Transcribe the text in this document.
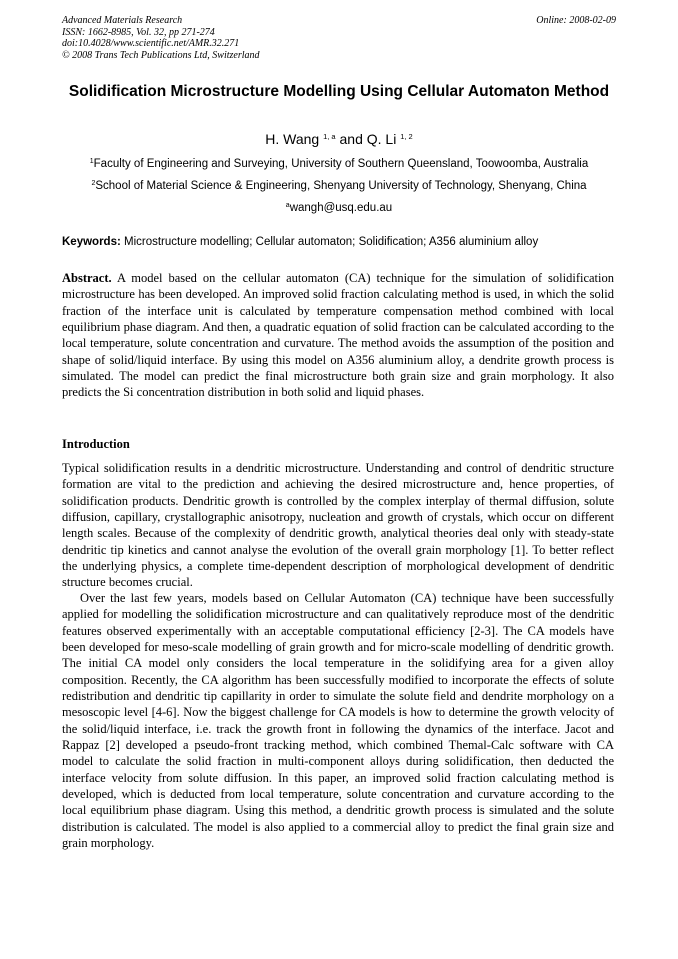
Advanced Materials Research
ISSN: 1662-8985, Vol. 32, pp 271-274
doi:10.4028/www.scientific.net/AMR.32.271
© 2008 Trans Tech Publications Ltd, Switzerland
Online: 2008-02-09
Solidification Microstructure Modelling Using Cellular Automaton Method
H. Wang $^{1, a}$ and Q. Li $^{1, 2}$
$^1$Faculty of Engineering and Surveying, University of Southern Queensland, Toowoomba, Australia
$^2$School of Material Science & Engineering, Shenyang University of Technology, Shenyang, China
$^a$wangh@usq.edu.au
Keywords: Microstructure modelling; Cellular automaton; Solidification; A356 aluminium alloy

Abstract. A model based on the cellular automaton (CA) technique for the simulation of solidification microstructure has been developed. An improved solid fraction calculating method is used, in which the solid fraction of the interface unit is calculated by temperature compensation method combined with local equilibrium phase diagram. And then, a quadratic equation of solid fraction can be calculated according to the local temperature, solute concentration and curvature. The method avoids the assumption of the position and shape of solid/liquid interface. By using this model on A356 aluminium alloy, a dendrite growth process is simulated. The model can predict the final microstructure both grain size and grain morphology. It also predicts the Si concentration distribution in both solid and liquid phases.

Introduction

Typical solidification results in a dendritic microstructure. Understanding and control of dendritic structure formation are vital to the prediction and achieving the desired microstructure and, hence properties, of solidification products. Dendritic growth is controlled by the complex interplay of thermal diffusion, solute diffusion, capillary, crystallographic anisotropy, nucleation and growth of crystals, which occur on different length scales. Because of the complexity of dendritic growth, analytical theories deal only with steady-state dendritic tip kinetics and cannot analyse the evolution of the overall grain morphology [1]. To better reflect the underlying physics, a complete time-dependent description of morphological development of dendritic structure becomes crucial.

Over the last few years, models based on Cellular Automaton (CA) technique have been successfully applied for modelling the solidification microstructure and can qualitatively reproduce most of the dendritic features observed experimentally with an acceptable computational efficiency [2-3]. The CA models have been developed for meso-scale modelling of grain growth and for micro-scale modelling of dendritic growth. The initial CA model only considers the local temperature in the solidifying area for a given alloy composition. Recently, the CA algorithm has been successfully modified to incorporate the effects of solute redistribution and dendritic tip capillarity in order to simulate the solute field and dendrite morphology on a mesoscopic level [4-6]. Now the biggest challenge for CA models is how to determine the growth velocity of the solid/liquid interface, i.e. track the growth front in following the dynamics of the interface. Jacot and Rappaz [2] developed a pseudo-front tracking method, which combined Themal-Calc software with CA model to calculate the solid fraction in multi-component alloys during solidification, then deducted the interface velocity from solute diffusion. In this paper, an improved solid fraction calculating method is developed, which is deducted from local temperature, solute concentration and curvature according to the local equilibrium phase diagram. Using this method, a dendritic growth process is simulated and the solute distribution is calculated. The model is also applied to a commercial alloy to predict the final grain size and grain morphology.
